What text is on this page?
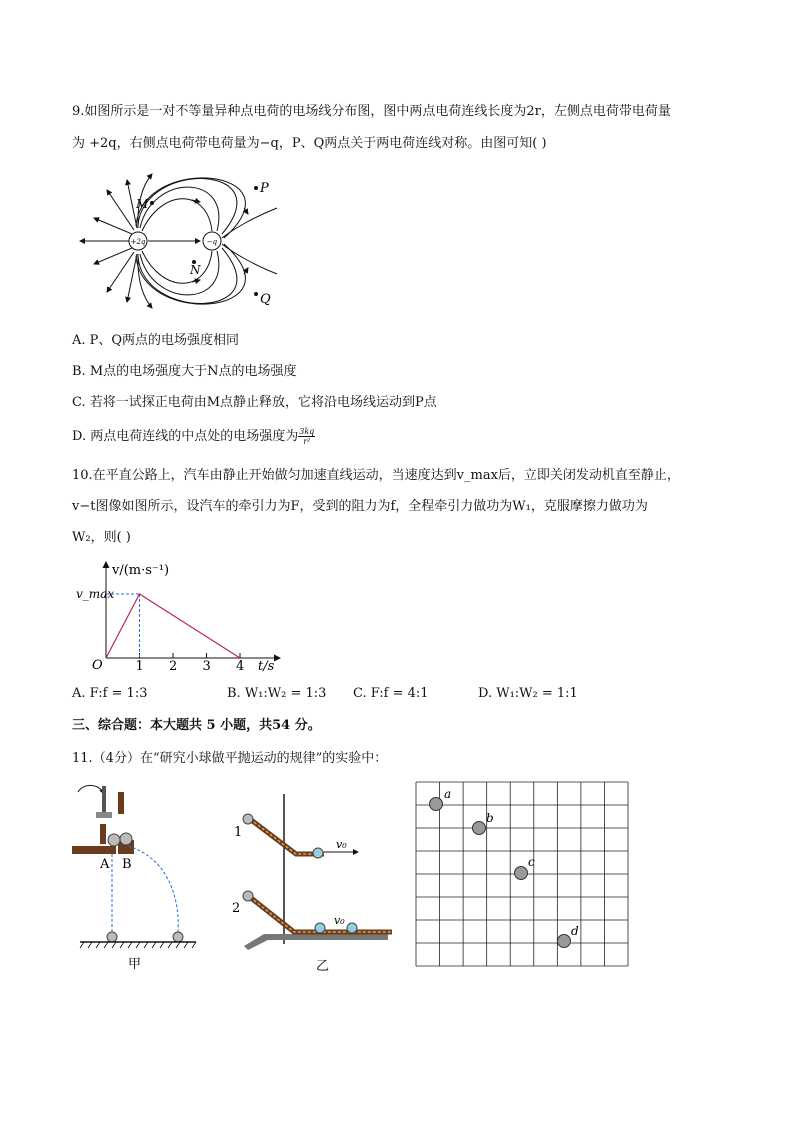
9.如图所示是一对不等量异种点电荷的电场线分布图，图中两点电荷连线长度为2r，左侧点电荷带电荷量
为 +2q，右侧点电荷带电荷量为−q，P、Q两点关于两电荷连线对称。由图可知( )
+2q	−q
M
N
P
Q
A. P、Q两点的电场强度相同
B. M点的电场强度大于N点的电场强度
C. 若将一试探正电荷由M点静止释放，它将沿电场线运动到P点
D. 两点电荷连线的中点处的电场强度为 $\frac{3kq}{\text{r²}}$
10.在平直公路上，汽车由静止开始做匀加速直线运动，当速度达到v_max后，立即关闭发动机直至静止，
v−t图像如图所示，设汽车的牵引力为F，受到的阻力为f，全程牵引力做功为W₁，克服摩擦力做功为
W₂，则( )
v/(m·s⁻¹)
t/s
O
v_max
1 2 3 4
A. F:f = 1:3	B. W₁:W₂ = 1:3 C. F:f = 4:1	D. W₁:W₂ = 1:1
三、综合题：本大题共 5 小题，共54 分。
11.（4分）在“研究小球做平抛运动的规律”的实验中：
A B
甲
1
v₀
2
v₀
乙
a
b
c
d
